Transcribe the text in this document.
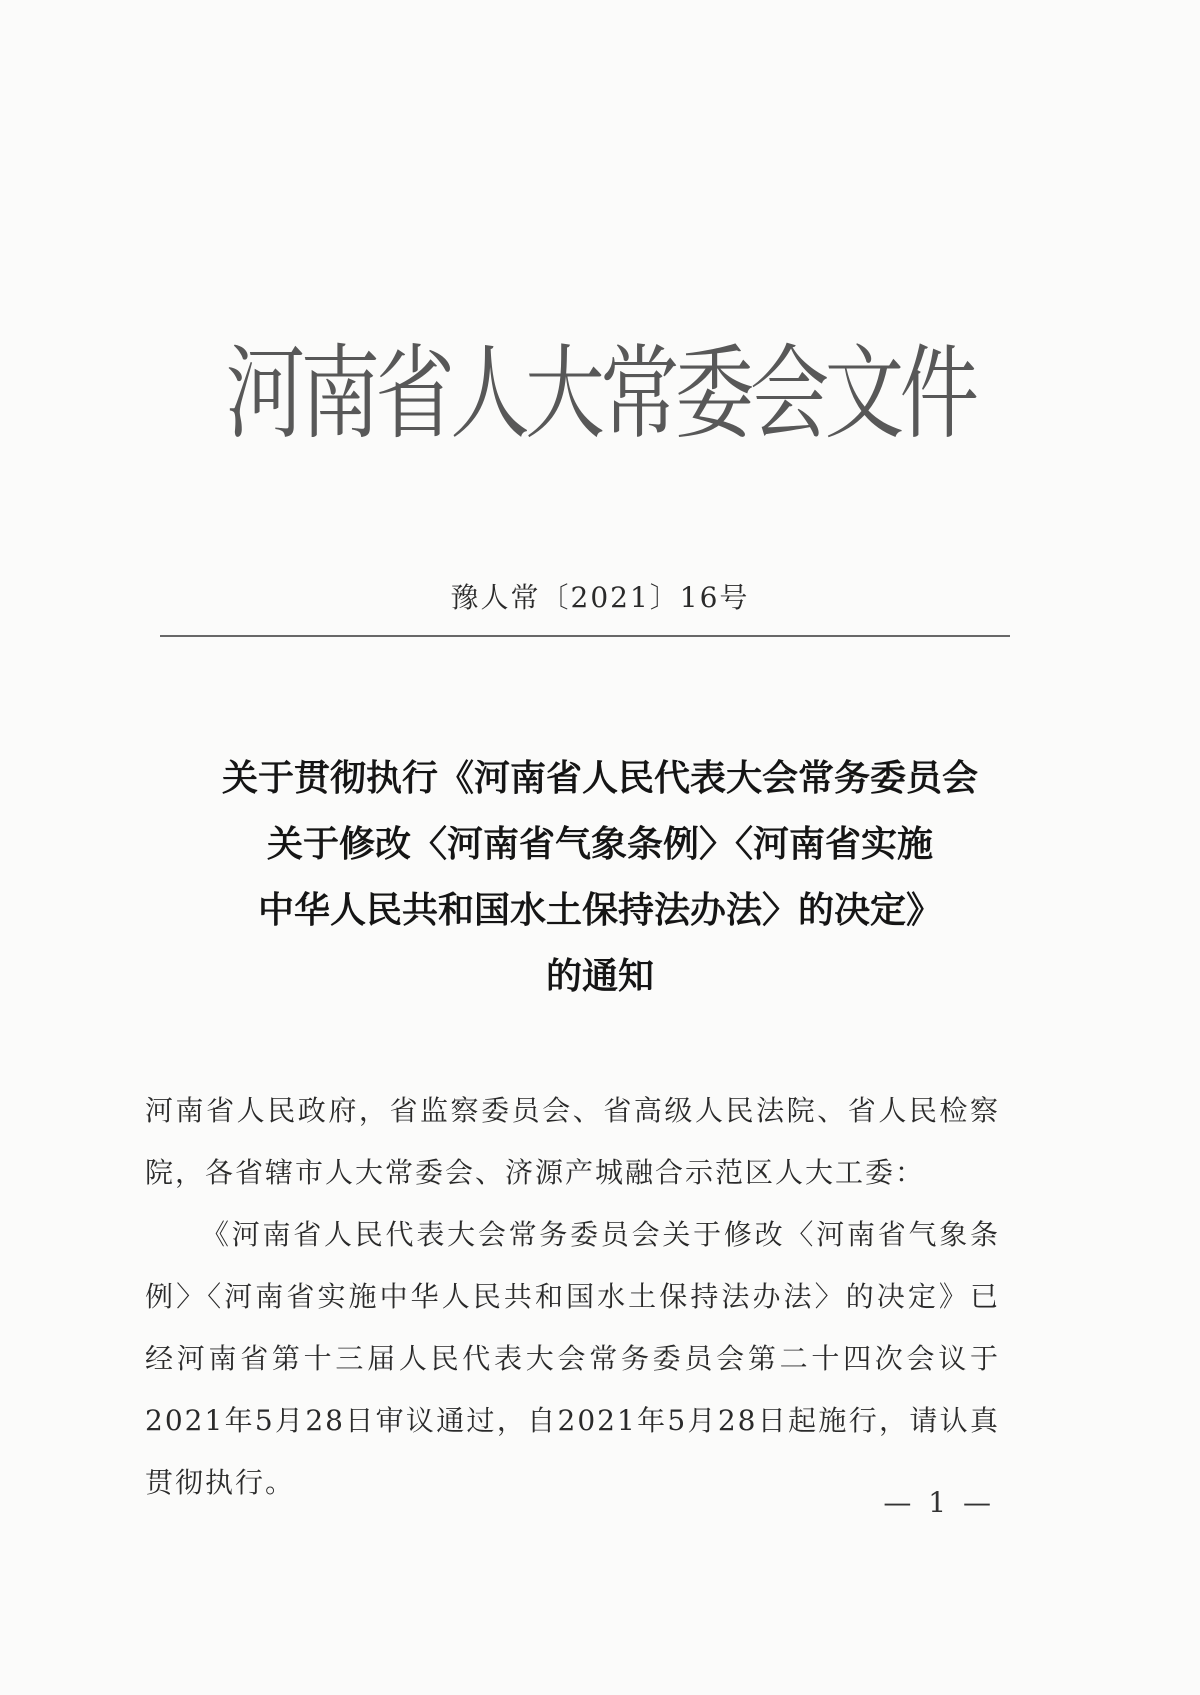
河南省人大常委会文件
豫人常〔2021〕16号
关于贯彻执行《河南省人民代表大会常务委员会
关于修改〈河南省气象条例〉〈河南省实施
中华人民共和国水土保持法办法〉的决定》
的通知

河南省人民政府，省监察委员会、省高级人民法院、省人民检察院，各省辖市人大常委会、济源产城融合示范区人大工委：

《河南省人民代表大会常务委员会关于修改〈河南省气象条例〉〈河南省实施中华人民共和国水土保持法办法〉的决定》已经河南省第十三届人民代表大会常务委员会第二十四次会议于2021年5月28日审议通过，自2021年5月28日起施行，请认真贯彻执行。

— 1 —
